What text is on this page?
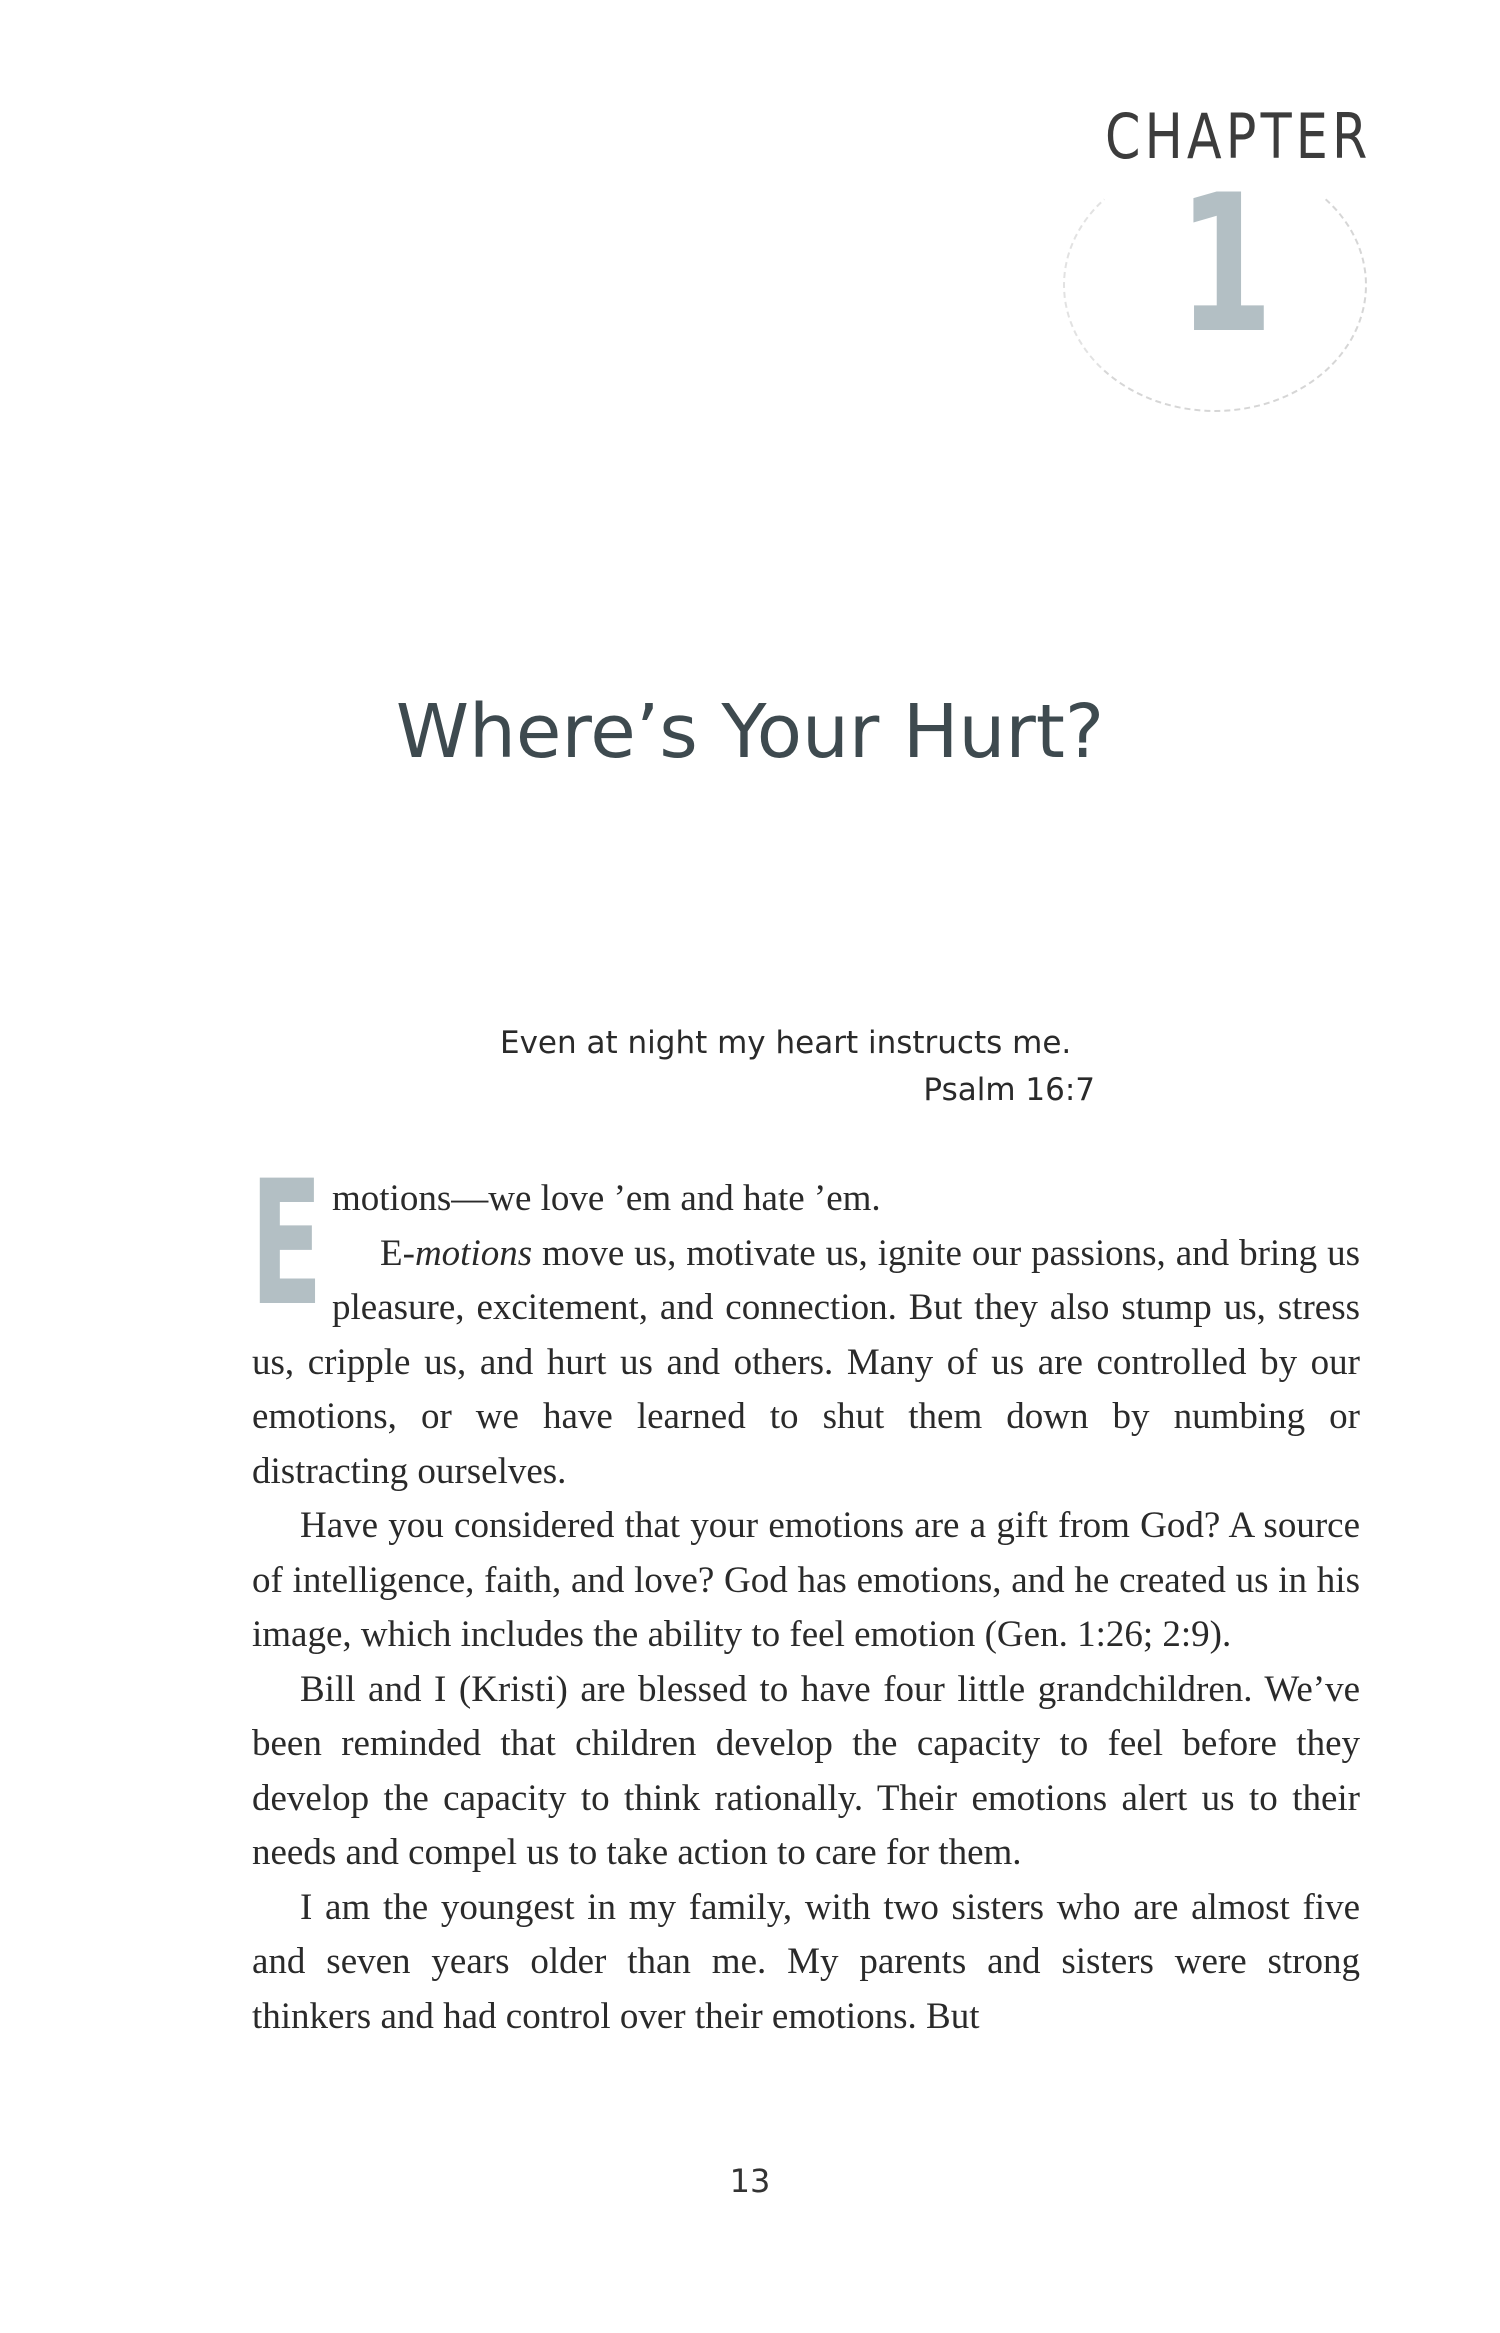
CHAPTER
1
Where’s Your Hurt?
Even at night my heart instructs me.
Psalm 16:7

Emotions—we love ’em and hate ’em.

E-motions move us, motivate us, ignite our passions, and bring us pleasure, excitement, and connection. But they also stump us, stress us, cripple us, and hurt us and others. Many of us are controlled by our emotions, or we have learned to shut them down by numbing or distracting ourselves.

Have you considered that your emotions are a gift from God? A source of intelligence, faith, and love? God has emotions, and he created us in his image, which includes the ability to feel emotion (Gen. 1:26; 2:9).

Bill and I (Kristi) are blessed to have four little grandchildren. We’ve been reminded that children develop the capacity to feel before they develop the capacity to think rationally. Their emotions alert us to their needs and compel us to take action to care for them.

I am the youngest in my family, with two sisters who are almost five and seven years older than me. My parents and sisters were strong thinkers and had control over their emotions. But

13
